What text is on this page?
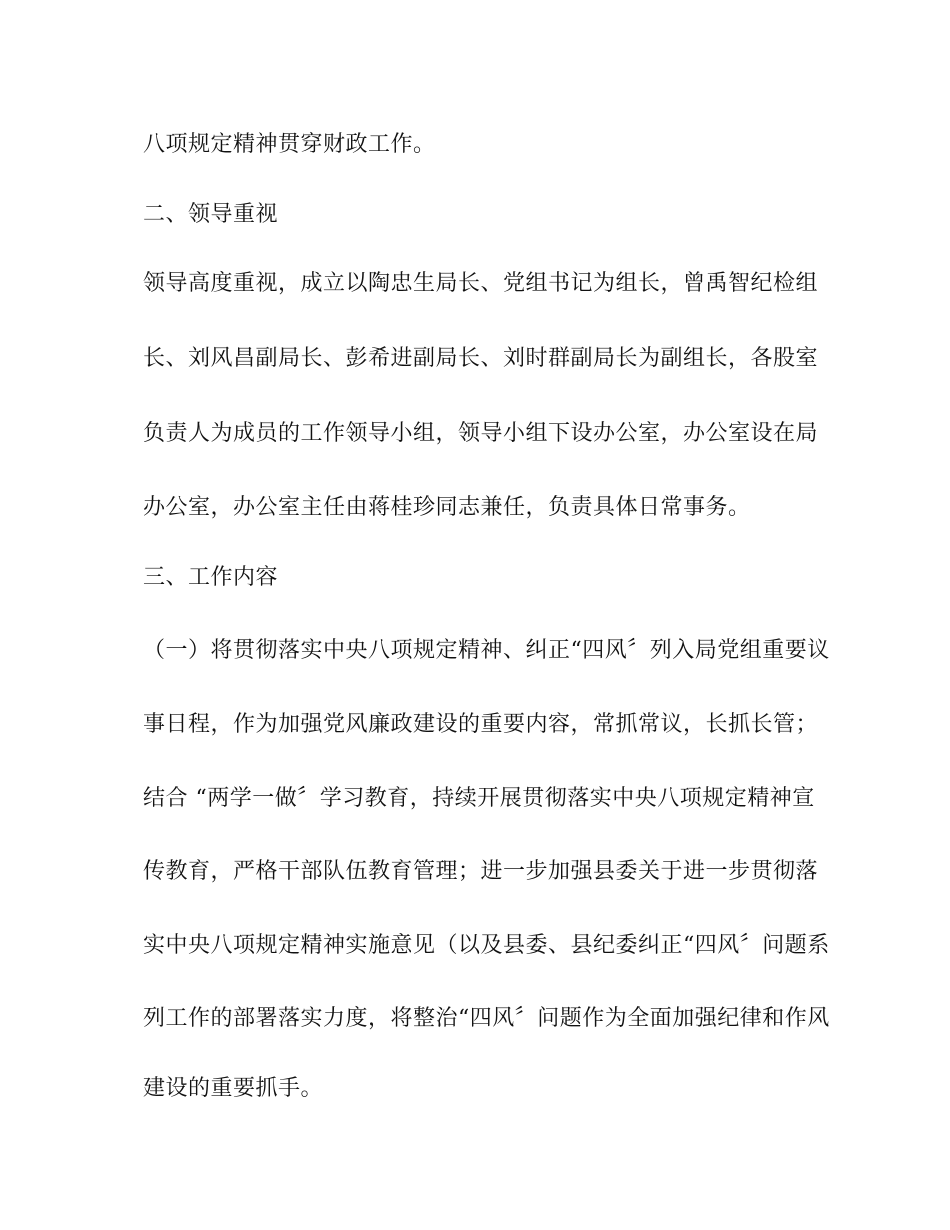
八项规定精神贯穿财政工作。
二、领导重视
领导高度重视，成立以陶忠生局长、党组书记为组长，曾禹智纪检组
长、刘风昌副局长、彭希进副局长、刘时群副局长为副组长，各股室
负责人为成员的工作领导小组，领导小组下设办公室，办公室设在局
办公室，办公室主任由蒋桂珍同志兼任，负责具体日常事务。
三、工作内容
（一）将贯彻落实中央八项规定精神、纠正“四风〞列入局党组重要议
事日程，作为加强党风廉政建设的重要内容，常抓常议，长抓长管；
结合 “两学一做〞学习教育，持续开展贯彻落实中央八项规定精神宣
传教育，严格干部队伍教育管理；进一步加强县委关于进一步贯彻落
实中央八项规定精神实施意见（以及县委、县纪委纠正“四风〞问题系
列工作的部署落实力度，将整治“四风〞问题作为全面加强纪律和作风
建设的重要抓手。
